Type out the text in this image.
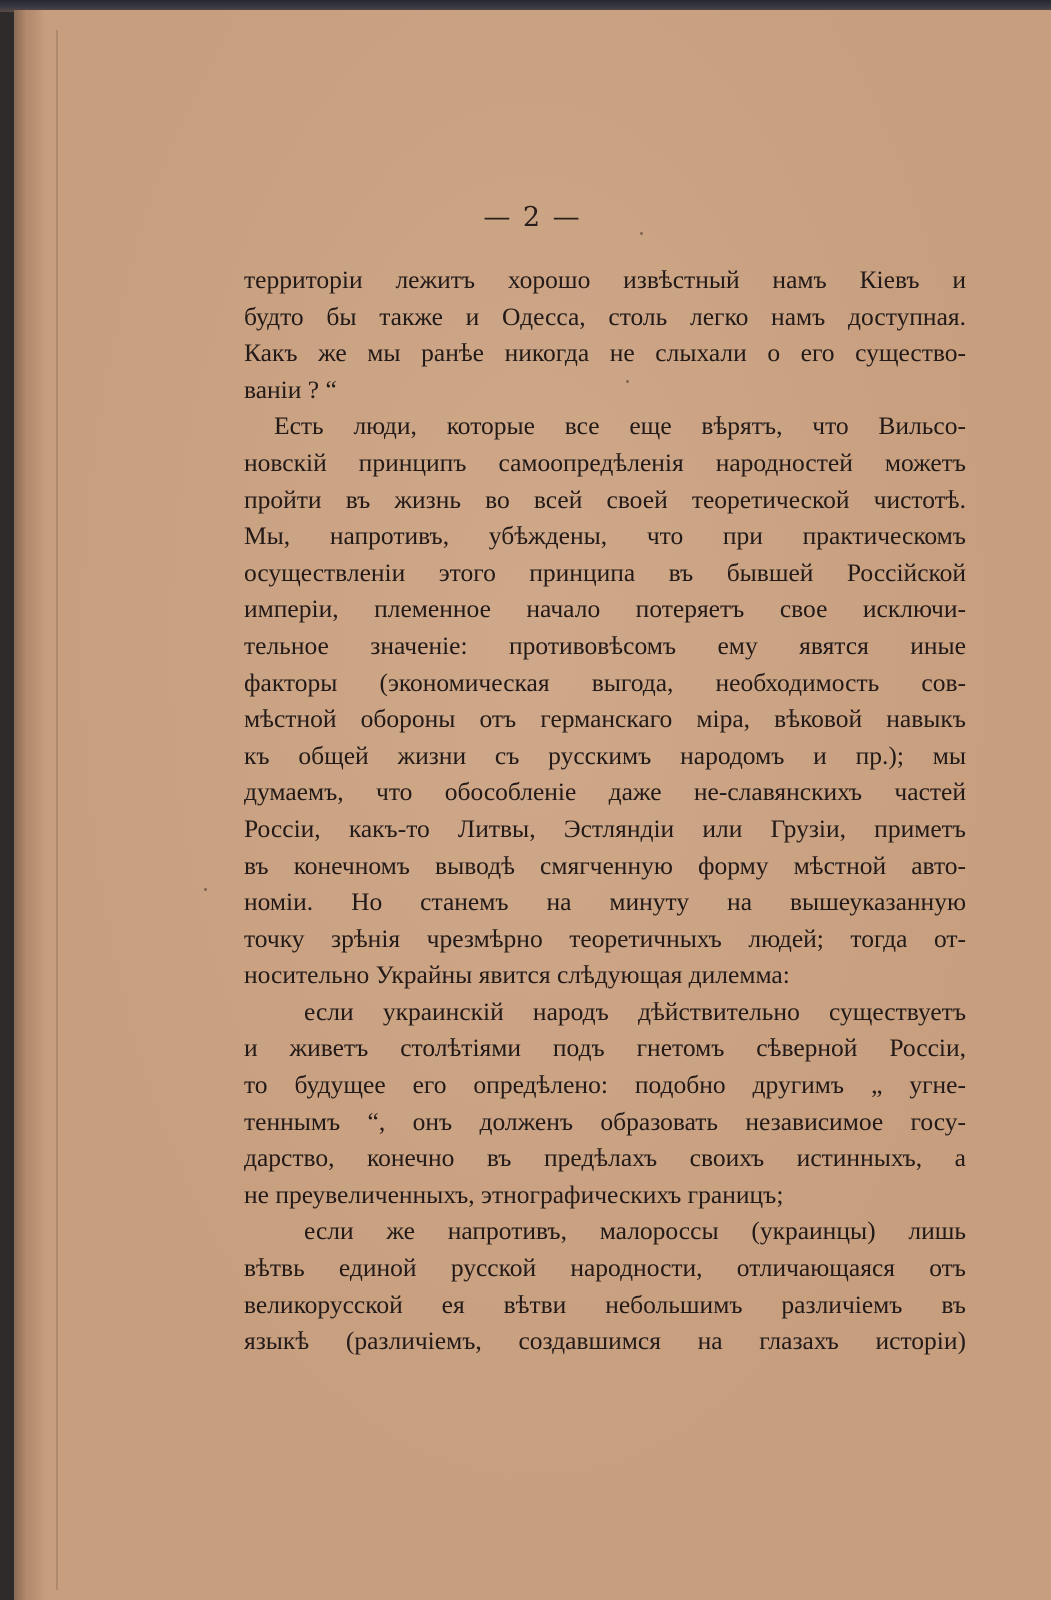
— 2 —
территорiи лежитъ хорошо извѣстный намъ Кiевъ и
будто бы также и Одесса, столь легко намъ доступная.
Какъ же мы ранѣе никогда не слыхали о его существо-
ванiи ? “
Есть люди, которые все еще вѣрятъ, что Вильсо-
новскiй принципъ самоопредѣленiя народностей можетъ
пройти въ жизнь во всей своей теоретической чистотѣ.
Мы, напротивъ, убѣждены, что при практическомъ
осуществленiи этого принципа въ бывшей Россiйской
имперiи, племенное начало потеряетъ свое исключи-
тельное значенiе: противовѣсомъ ему явятся иные
факторы (экономическая выгода, необходимость сов-
мѣстной обороны отъ германскаго мiра, вѣковой навыкъ
къ общей жизни съ русскимъ народомъ и пр.); мы
думаемъ, что обособленiе даже не-славянскихъ частей
Россiи, какъ-то Литвы, Эстляндiи или Грузiи, приметъ
въ конечномъ выводѣ смягченную форму мѣстной авто-
номiи. Но станемъ на минуту на вышеуказанную
точку зрѣнiя чрезмѣрно теоретичныхъ людей; тогда от-
носительно Украйны явится слѣдующая дилемма:
если украинскiй народъ дѣйствительно существуетъ
и живетъ столѣтiями подъ гнетомъ сѣверной Россiи,
то будущее его опредѣлено: подобно другимъ „ угне-
теннымъ “, онъ долженъ образовать независимое госу-
дарство, конечно въ предѣлахъ своихъ истинныхъ, а
не преувеличенныхъ, этнографическихъ границъ;
если же напротивъ, малороссы (украинцы) лишь
вѣтвь единой русской народности, отличающаяся отъ
великорусской ея вѣтви небольшимъ различiемъ въ
языкѣ (различiемъ, создавшимся на глазахъ исторiи)
